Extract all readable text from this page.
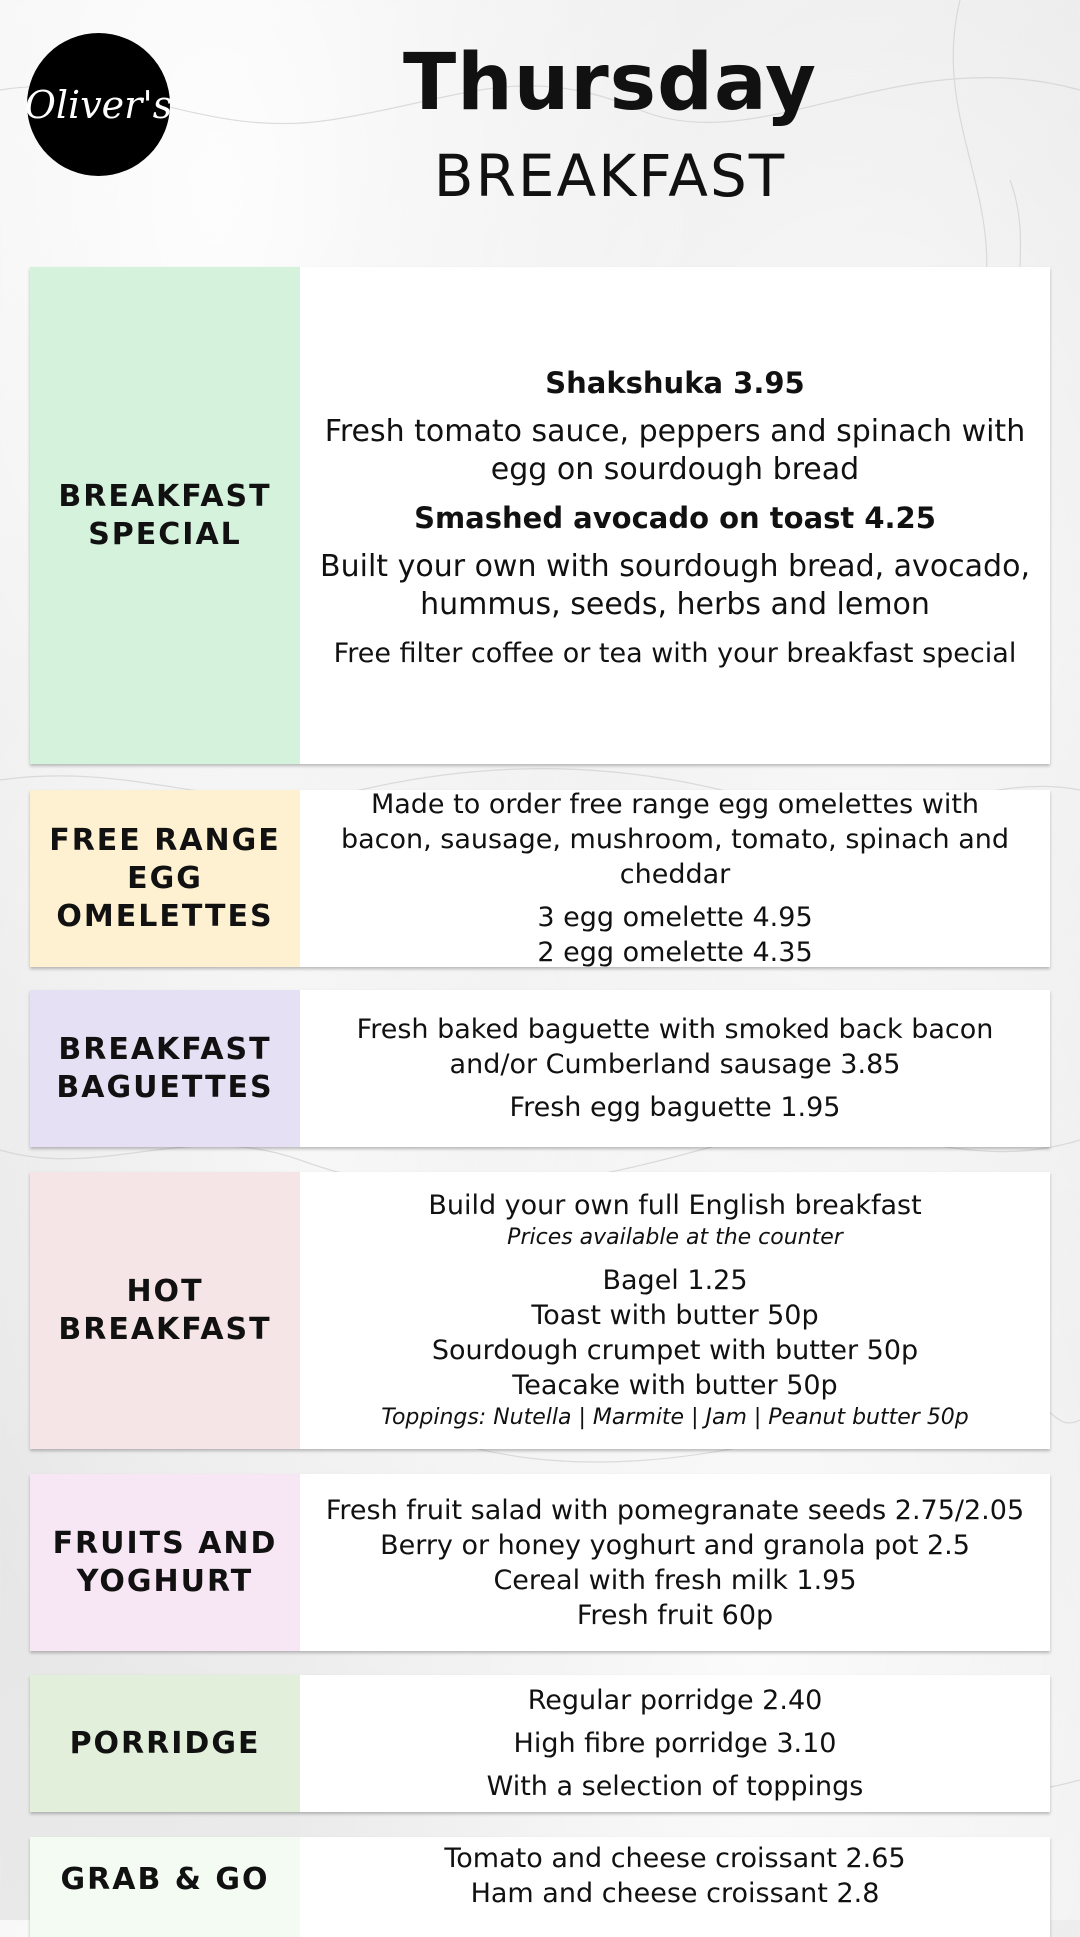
Oliver's	Thursday
BREAKFAST
BREAKFAST SPECIAL
Shakshuka 3.95
Fresh tomato sauce, peppers and spinach with egg on sourdough bread
Smashed avocado on toast 4.25
Built your own with sourdough bread, avocado, hummus, seeds, herbs and lemon
Free filter coffee or tea with your breakfast special
FREE RANGE EGG OMELETTES
Made to order free range egg omelettes with bacon, sausage, mushroom, tomato, spinach and cheddar
3 egg omelette 4.95
2 egg omelette 4.35
BREAKFAST BAGUETTES
Fresh baked baguette with smoked back bacon and/or Cumberland sausage 3.85
Fresh egg baguette 1.95
HOT BREAKFAST
Build your own full English breakfast
Prices available at the counter
Bagel 1.25
Toast with butter 50p
Sourdough crumpet with butter 50p
Teacake with butter 50p
Toppings: Nutella | Marmite | Jam | Peanut butter 50p
FRUITS AND YOGHURT
Fresh fruit salad with pomegranate seeds 2.75/2.05
Berry or honey yoghurt and granola pot 2.5
Cereal with fresh milk 1.95
Fresh fruit 60p
PORRIDGE
Regular porridge 2.40
High fibre porridge 3.10
With a selection of toppings
GRAB & GO
Tomato and cheese croissant 2.65
Ham and cheese croissant 2.8
